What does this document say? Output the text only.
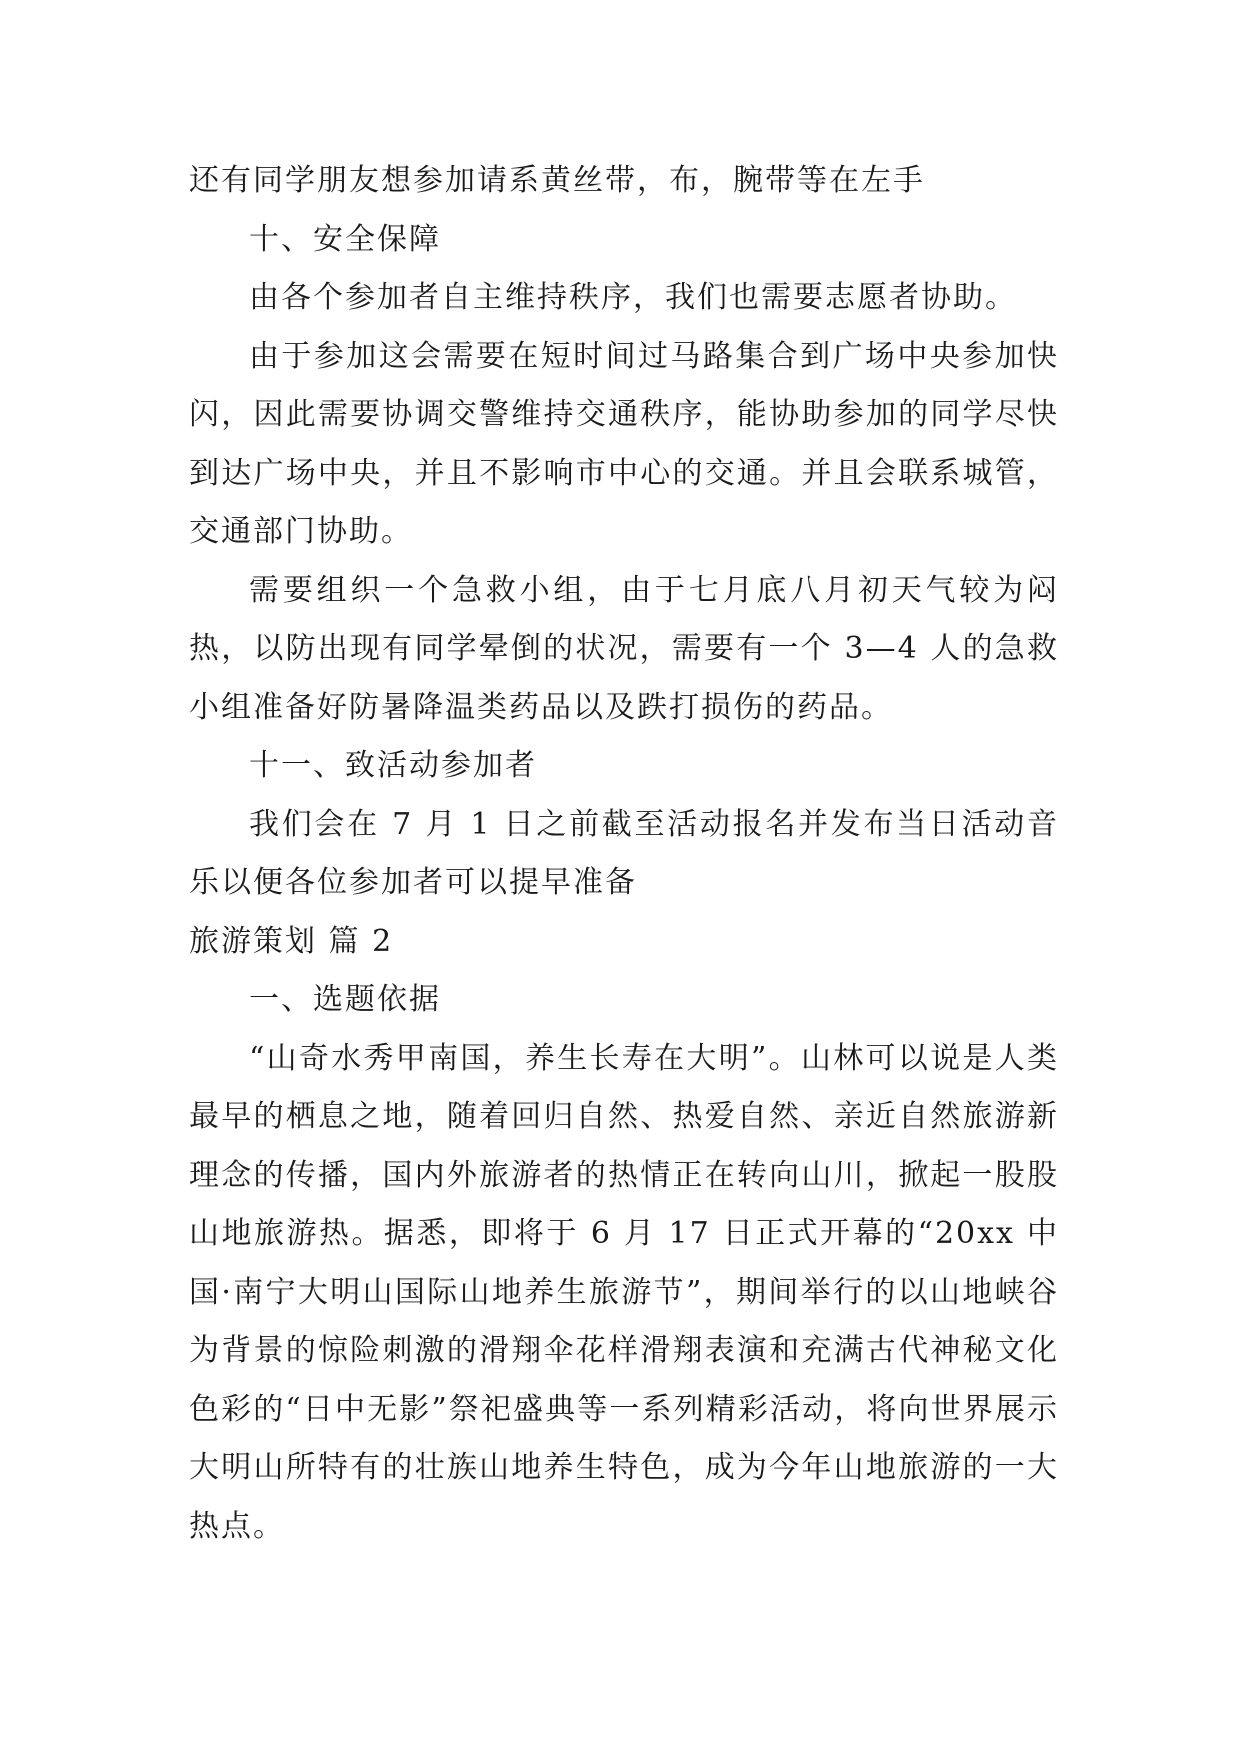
还有同学朋友想参加请系黄丝带，布，腕带等在左手

十、安全保障

由各个参加者自主维持秩序，我们也需要志愿者协助。

由于参加这会需要在短时间过马路集合到广场中央参加快闪，因此需要协调交警维持交通秩序，能协助参加的同学尽快到达广场中央，并且不影响市中心的交通。并且会联系城管，交通部门协助。

需要组织一个急救小组，由于七月底八月初天气较为闷热，以防出现有同学晕倒的状况，需要有一个 3—4 人的急救小组准备好防暑降温类药品以及跌打损伤的药品。

十一、致活动参加者

我们会在 7 月 1 日之前截至活动报名并发布当日活动音乐以便各位参加者可以提早准备

旅游策划 篇 2

一、选题依据

“山奇水秀甲南国，养生长寿在大明”。山林可以说是人类最早的栖息之地，随着回归自然、热爱自然、亲近自然旅游新理念的传播，国内外旅游者的热情正在转向山川，掀起一股股山地旅游热。据悉，即将于 6 月 17 日正式开幕的“20xx 中国·南宁大明山国际山地养生旅游节”，期间举行的以山地峡谷为背景的惊险刺激的滑翔伞花样滑翔表演和充满古代神秘文化色彩的“日中无影”祭祀盛典等一系列精彩活动，将向世界展示大明山所特有的壮族山地养生特色，成为今年山地旅游的一大热点。
